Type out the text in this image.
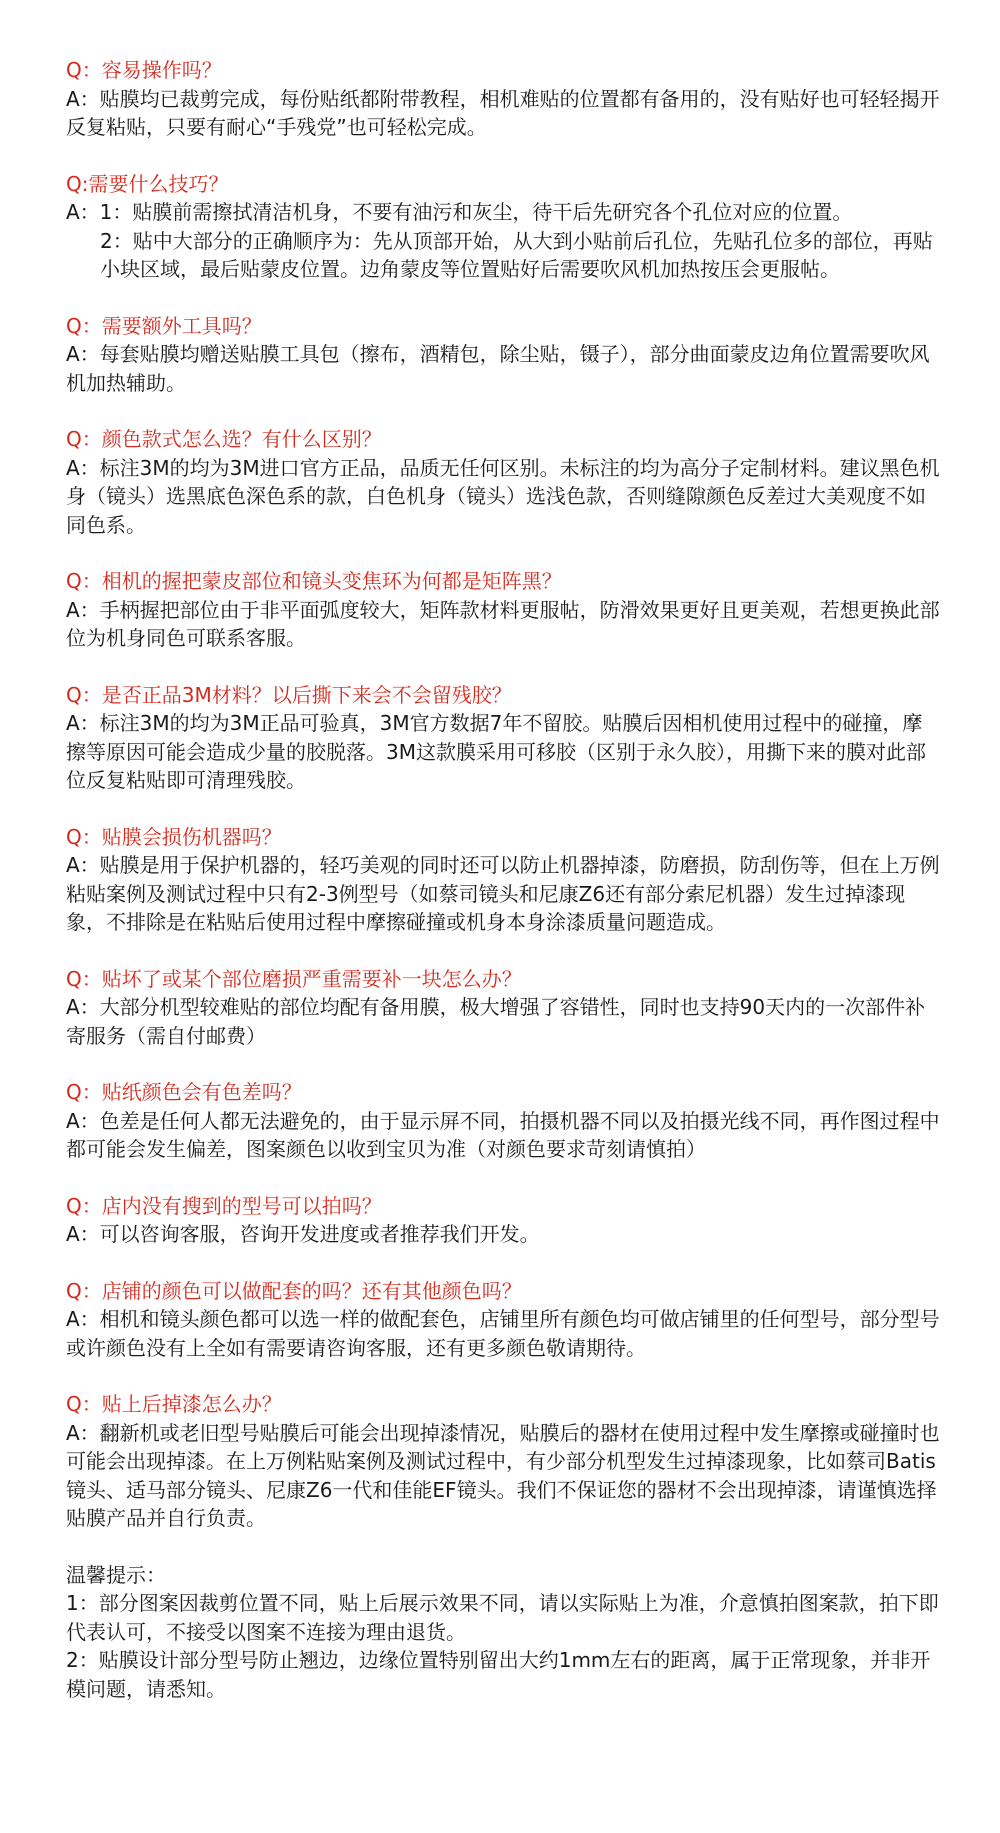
Q：容易操作吗？

A：贴膜均已裁剪完成，每份贴纸都附带教程，相机难贴的位置都有备用的，没有贴好也可轻轻揭开反复粘贴，只要有耐心“手残党”也可轻松完成。

Q:需要什么技巧？

A：1：贴膜前需擦拭清洁机身，不要有油污和灰尘，待干后先研究各个孔位对应的位置。
2：贴中大部分的正确顺序为：先从顶部开始，从大到小贴前后孔位，先贴孔位多的部位，再贴小块区域，最后贴蒙皮位置。边角蒙皮等位置贴好后需要吹风机加热按压会更服帖。

Q：需要额外工具吗？

A：每套贴膜均赠送贴膜工具包（擦布，酒精包，除尘贴，镊子），部分曲面蒙皮边角位置需要吹风机加热辅助。

Q：颜色款式怎么选？有什么区别？

A：标注3M的均为3M进口官方正品，品质无任何区别。未标注的均为高分子定制材料。建议黑色机身（镜头）选黑底色深色系的款，白色机身（镜头）选浅色款，否则缝隙颜色反差过大美观度不如同色系。

Q：相机的握把蒙皮部位和镜头变焦环为何都是矩阵黑？

A：手柄握把部位由于非平面弧度较大，矩阵款材料更服帖，防滑效果更好且更美观，若想更换此部位为机身同色可联系客服。

Q：是否正品3M材料？以后撕下来会不会留残胶？

A：标注3M的均为3M正品可验真，3M官方数据7年不留胶。贴膜后因相机使用过程中的碰撞，摩擦等原因可能会造成少量的胶脱落。3M这款膜采用可移胶（区别于永久胶），用撕下来的膜对此部位反复粘贴即可清理残胶。

Q：贴膜会损伤机器吗？

A：贴膜是用于保护机器的，轻巧美观的同时还可以防止机器掉漆，防磨损，防刮伤等，但在上万例粘贴案例及测试过程中只有2-3例型号（如蔡司镜头和尼康Z6还有部分索尼机器）发生过掉漆现象，不排除是在粘贴后使用过程中摩擦碰撞或机身本身涂漆质量问题造成。

Q：贴坏了或某个部位磨损严重需要补一块怎么办？

A：大部分机型较难贴的部位均配有备用膜，极大增强了容错性，同时也支持90天内的一次部件补寄服务（需自付邮费）

Q：贴纸颜色会有色差吗？

A：色差是任何人都无法避免的，由于显示屏不同，拍摄机器不同以及拍摄光线不同，再作图过程中都可能会发生偏差，图案颜色以收到宝贝为准（对颜色要求苛刻请慎拍）

Q：店内没有搜到的型号可以拍吗？

A：可以咨询客服，咨询开发进度或者推荐我们开发。

Q：店铺的颜色可以做配套的吗？还有其他颜色吗？

A：相机和镜头颜色都可以选一样的做配套色，店铺里所有颜色均可做店铺里的任何型号，部分型号或许颜色没有上全如有需要请咨询客服，还有更多颜色敬请期待。

Q：贴上后掉漆怎么办？

A：翻新机或老旧型号贴膜后可能会出现掉漆情况，贴膜后的器材在使用过程中发生摩擦或碰撞时也可能会出现掉漆。在上万例粘贴案例及测试过程中，有少部分机型发生过掉漆现象，比如蔡司Batis镜头、适马部分镜头、尼康Z6一代和佳能EF镜头。我们不保证您的器材不会出现掉漆，请谨慎选择贴膜产品并自行负责。

温馨提示：
1：部分图案因裁剪位置不同，贴上后展示效果不同，请以实际贴上为准，介意慎拍图案款，拍下即代表认可，不接受以图案不连接为理由退货。
2：贴膜设计部分型号防止翘边，边缘位置特别留出大约1mm左右的距离，属于正常现象，并非开模问题，请悉知。
